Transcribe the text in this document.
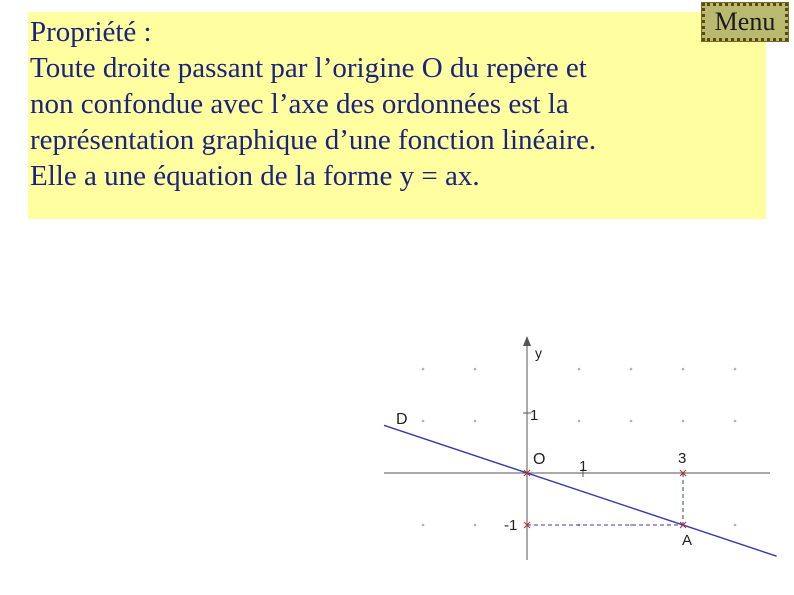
Propriété :
Toute droite passant par l’origine O du repère et
non confondue avec l’axe des ordonnées est la
représentation graphique d’une fonction linéaire.
Elle a une équation de la forme y = ax.
Menu
y
D
O 1
1
3
-1
A
